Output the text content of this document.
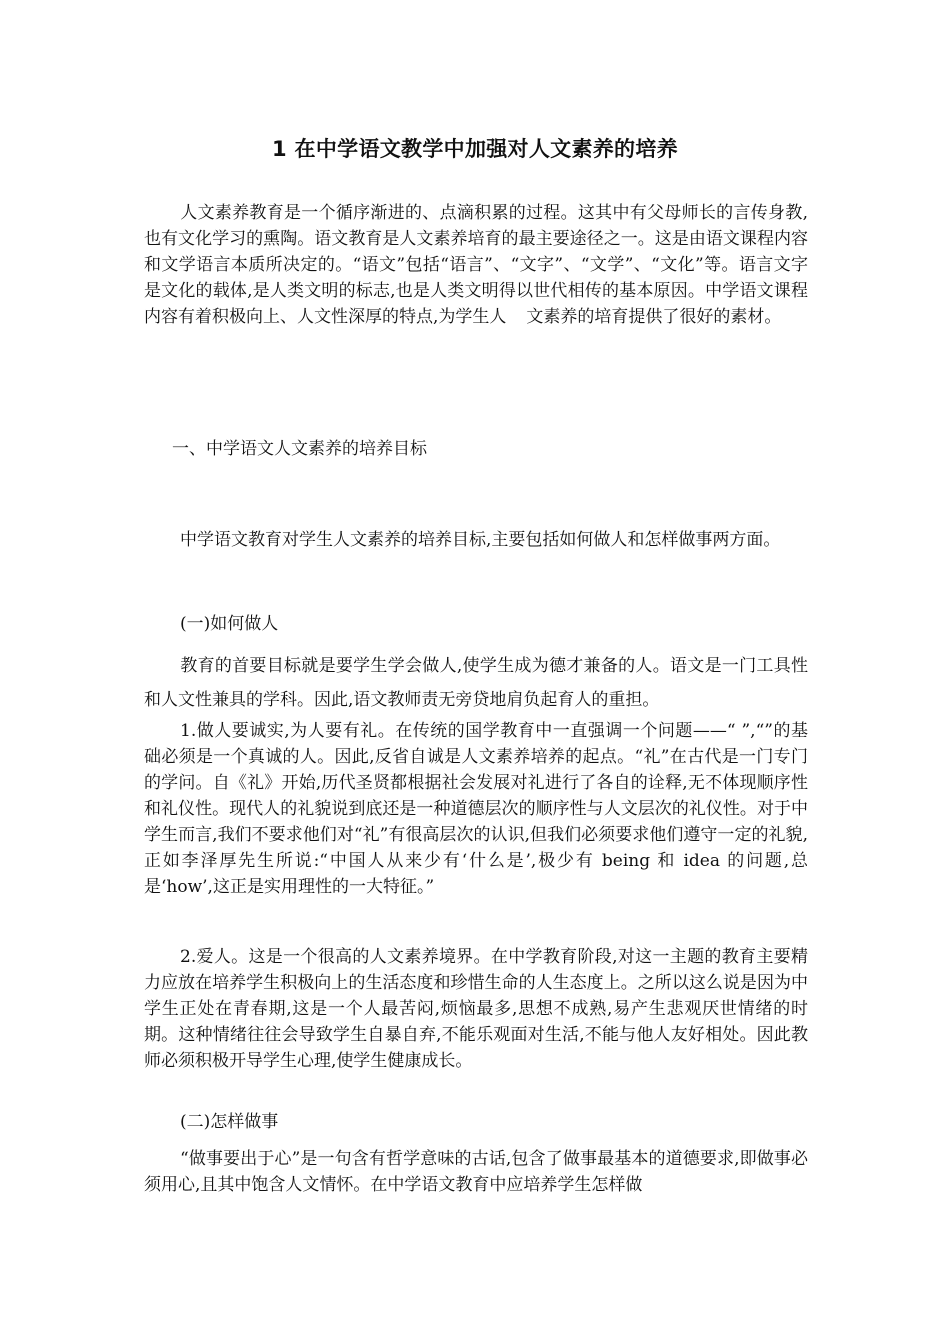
1 在中学语文教学中加强对人文素养的培养

人文素养教育是一个循序渐进的、点滴积累的过程。这其中有父母师长的言传身教,也有文化学习的熏陶。语文教育是人文素养培育的最主要途径之一。这是由语文课程内容和文学语言本质所决定的。“语文”包括“语言”、“文字”、“文学”、“文化”等。语言文字是文化的载体,是人类文明的标志,也是人类文明得以世代相传的基本原因。中学语文课程内容有着积极向上、人文性深厚的特点,为学生人 文素养的培育提供了很好的素材。

一、中学语文人文素养的培养目标

中学语文教育对学生人文素养的培养目标,主要包括如何做人和怎样做事两方面。

(一)如何做人

教育的首要目标就是要学生学会做人,使学生成为德才兼备的人。语文是一门工具性和人文性兼具的学科。因此,语文教师责无旁贷地肩负起育人的重担。

1.做人要诚实,为人要有礼。在传统的国学教育中一直强调一个问题——“ ”,“”的基础必须是一个真诚的人。因此,反省自诚是人文素养培养的起点。“礼”在古代是一门专门的学问。自《礼》开始,历代圣贤都根据社会发展对礼进行了各自的诠释,无不体现顺序性和礼仪性。现代人的礼貌说到底还是一种道德层次的顺序性与人文层次的礼仪性。对于中学生而言,我们不要求他们对“礼”有很高层次的认识,但我们必须要求他们遵守一定的礼貌,正如李泽厚先生所说:“中国人从来少有‘什么是’,极少有 being 和 idea 的问题,总是‘how’,这正是实用理性的一大特征。”

2.爱人。这是一个很高的人文素养境界。在中学教育阶段,对这一主题的教育主要精力应放在培养学生积极向上的生活态度和珍惜生命的人生态度上。之所以这么说是因为中学生正处在青春期,这是一个人最苦闷,烦恼最多,思想不成熟,易产生悲观厌世情绪的时期。这种情绪往往会导致学生自暴自弃,不能乐观面对生活,不能与他人友好相处。因此教师必须积极开导学生心理,使学生健康成长。

(二)怎样做事

“做事要出于心”是一句含有哲学意味的古话,包含了做事最基本的道德要求,即做事必须用心,且其中饱含人文情怀。在中学语文教育中应培养学生怎样做
